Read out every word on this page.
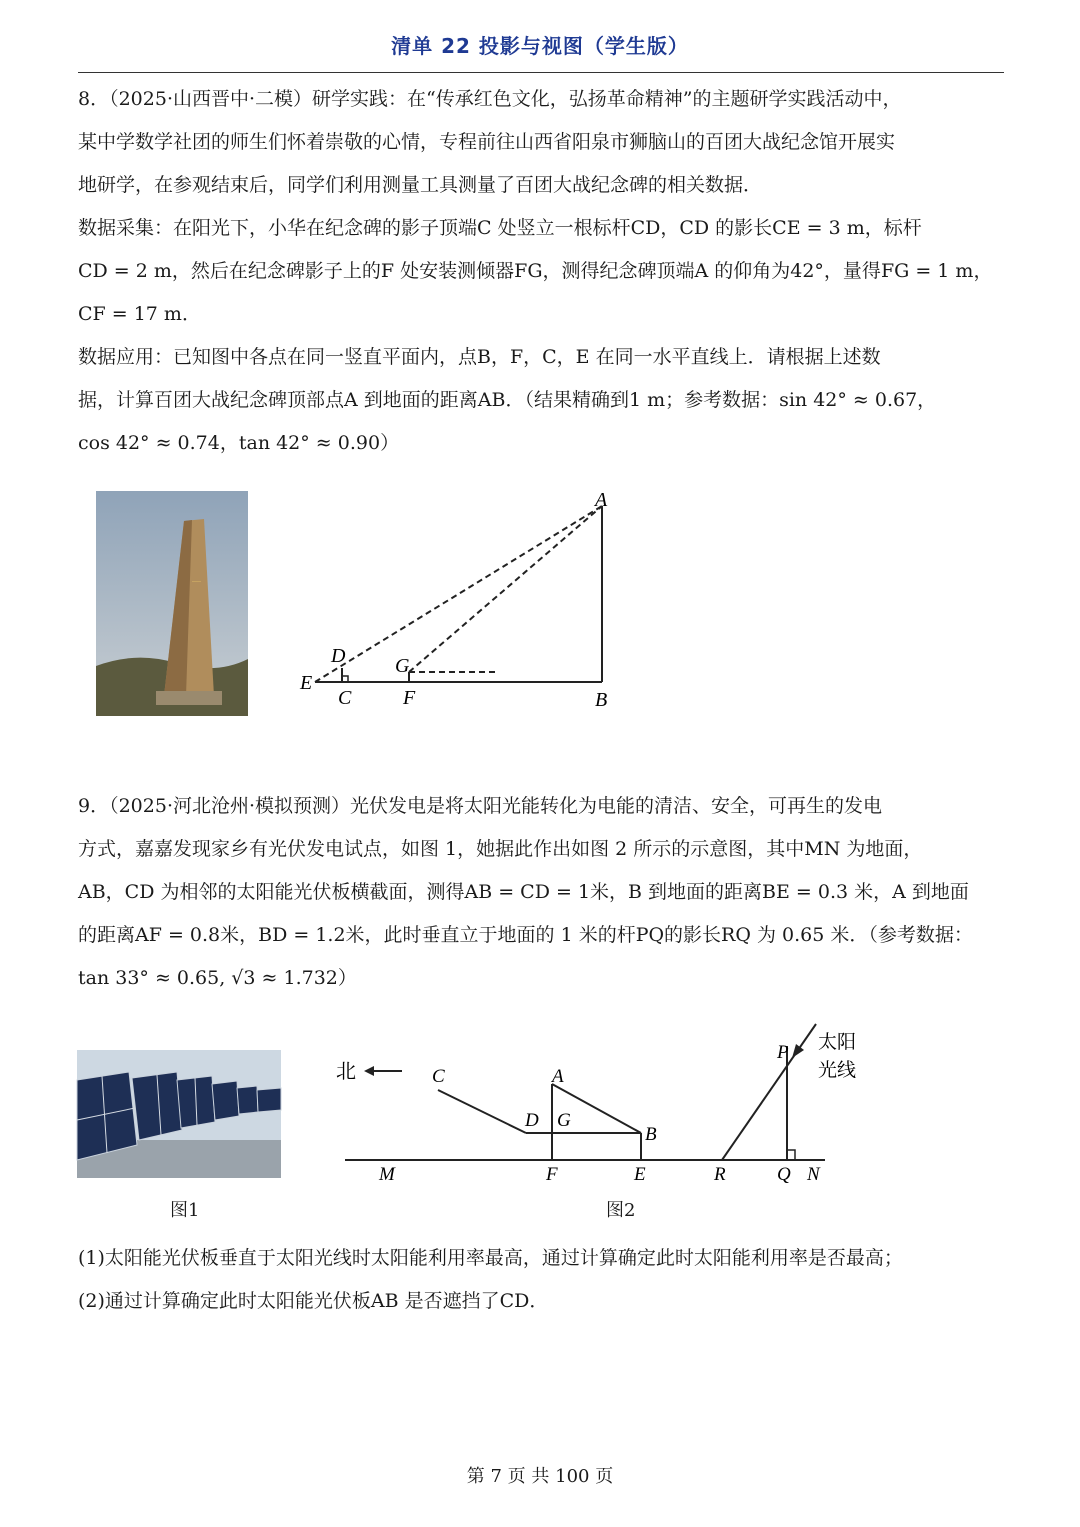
清单 22 投影与视图（学生版）
8．（2025·山西晋中·二模）研学实践：在“传承红色文化，弘扬革命精神”的主题研学实践活动中，
某中学数学社团的师生们怀着崇敬的心情，专程前往山西省阳泉市狮脑山的百团大战纪念馆开展实
地研学，在参观结束后，同学们利用测量工具测量了百团大战纪念碑的相关数据．
数据采集：在阳光下，小华在纪念碑的影子顶端C 处竖立一根标杆CD，CD 的影长CE = 3 m，标杆
CD = 2 m，然后在纪念碑影子上的F 处安装测倾器FG，测得纪念碑顶端A 的仰角为42°，量得FG = 1 m，
CF = 17 m．
数据应用：已知图中各点在同一竖直平面内，点B，F，C，E 在同一水平直线上．请根据上述数
据，计算百团大战纪念碑顶部点A 到地面的距离AB．（结果精确到1 m；参考数据：sin 42° ≈ 0.67，
cos 42° ≈ 0.74，tan 42° ≈ 0.90）
＿
A
B
C
D
E
F
G
9．（2025·河北沧州·模拟预测）光伏发电是将太阳光能转化为电能的清洁、安全，可再生的发电
方式，嘉嘉发现家乡有光伏发电试点，如图 1，她据此作出如图 2 所示的示意图，其中MN 为地面，
AB，CD 为相邻的太阳能光伏板横截面，测得AB = CD = 1米，B 到地面的距离BE = 0.3 米，A 到地面
的距离AF = 0.8米，BD = 1.2米，此时垂直立于地面的 1 米的杆PQ的影长RQ 为 0.65 米．（参考数据：
tan 33° ≈ 0.65, √3 ≈ 1.732）
图1
北	C	A
D G
B
M	F	E	R	Q N
P 太阳
光线
图2
(1)太阳能光伏板垂直于太阳光线时太阳能利用率最高，通过计算确定此时太阳能利用率是否最高；
(2)通过计算确定此时太阳能光伏板AB 是否遮挡了CD．
第 7 页 共 100 页
